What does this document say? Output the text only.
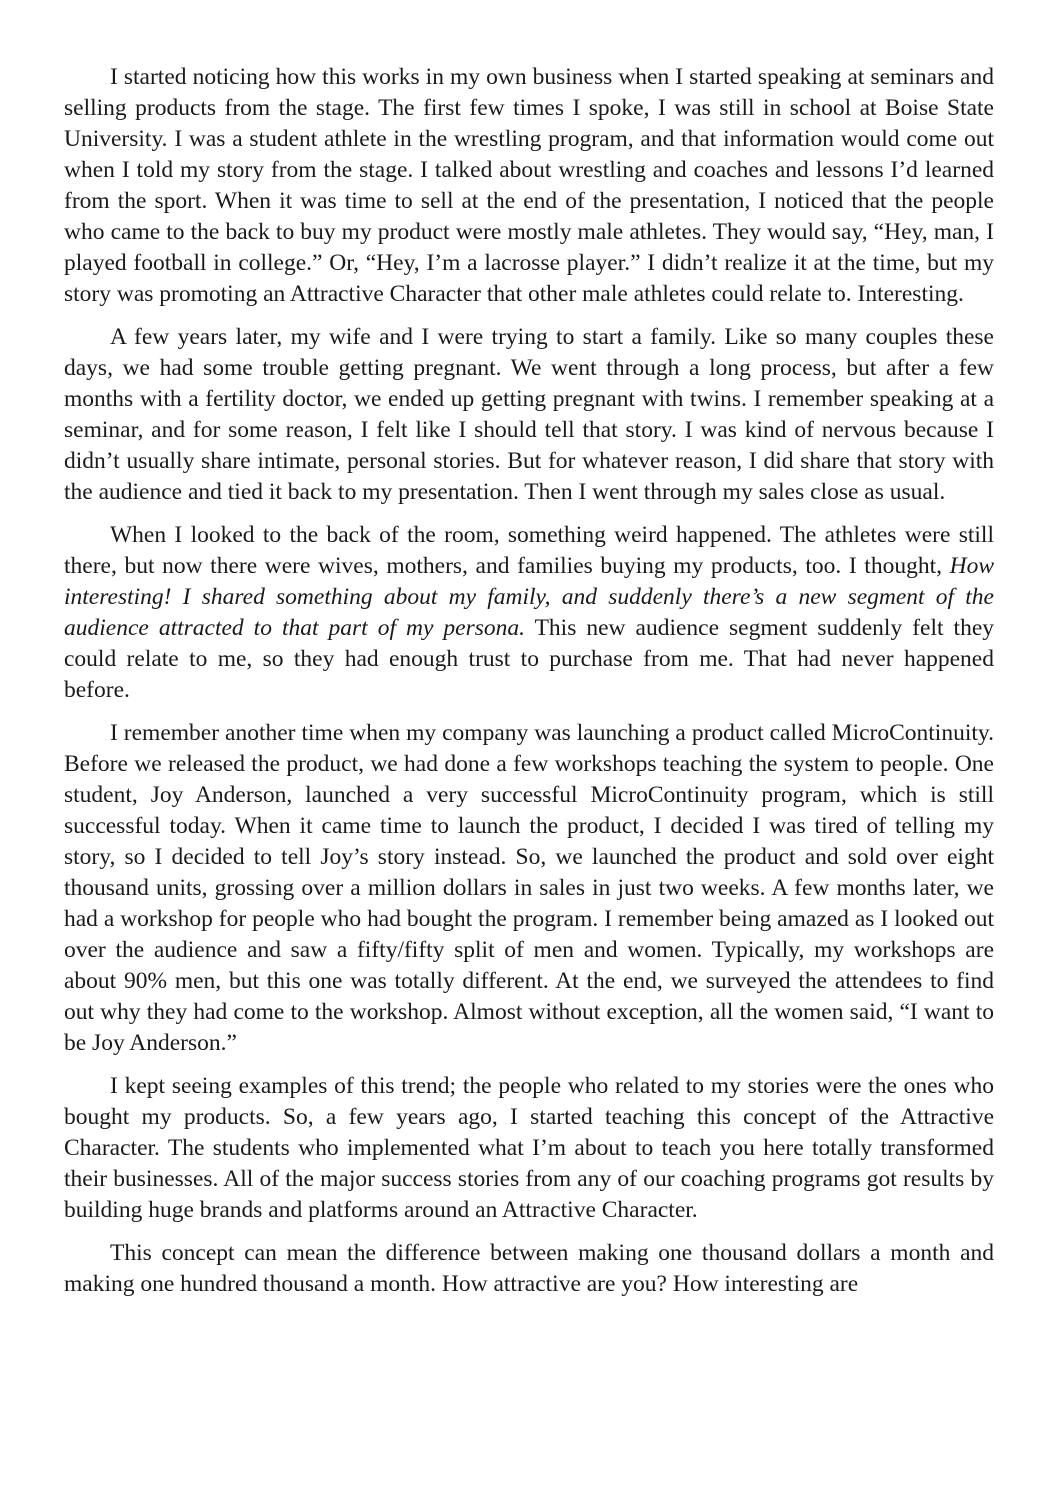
I started noticing how this works in my own business when I started speaking at seminars and selling products from the stage. The first few times I spoke, I was still in school at Boise State University. I was a student athlete in the wrestling program, and that information would come out when I told my story from the stage. I talked about wrestling and coaches and lessons I’d learned from the sport. When it was time to sell at the end of the presentation, I noticed that the people who came to the back to buy my product were mostly male athletes. They would say, “Hey, man, I played football in college.” Or, “Hey, I’m a lacrosse player.” I didn’t realize it at the time, but my story was promoting an Attractive Character that other male athletes could relate to. Interesting.

A few years later, my wife and I were trying to start a family. Like so many couples these days, we had some trouble getting pregnant. We went through a long process, but after a few months with a fertility doctor, we ended up getting pregnant with twins. I remember speaking at a seminar, and for some reason, I felt like I should tell that story. I was kind of nervous because I didn’t usually share intimate, personal stories. But for whatever reason, I did share that story with the audience and tied it back to my presentation. Then I went through my sales close as usual.

When I looked to the back of the room, something weird happened. The athletes were still there, but now there were wives, mothers, and families buying my products, too. I thought, How interesting! I shared something about my family, and suddenly there’s a new segment of the audience attracted to that part of my persona. This new audience segment suddenly felt they could relate to me, so they had enough trust to purchase from me. That had never happened before.

I remember another time when my company was launching a product called MicroContinuity. Before we released the product, we had done a few workshops teaching the system to people. One student, Joy Anderson, launched a very successful MicroContinuity program, which is still successful today. When it came time to launch the product, I decided I was tired of telling my story, so I decided to tell Joy’s story instead. So, we launched the product and sold over eight thousand units, grossing over a million dollars in sales in just two weeks. A few months later, we had a workshop for people who had bought the program. I remember being amazed as I looked out over the audience and saw a fifty/fifty split of men and women. Typically, my workshops are about 90% men, but this one was totally different. At the end, we surveyed the attendees to find out why they had come to the workshop. Almost without exception, all the women said, “I want to be Joy Anderson.”

I kept seeing examples of this trend; the people who related to my stories were the ones who bought my products. So, a few years ago, I started teaching this concept of the Attractive Character. The students who implemented what I’m about to teach you here totally transformed their businesses. All of the major success stories from any of our coaching programs got results by building huge brands and platforms around an Attractive Character.

This concept can mean the difference between making one thousand dollars a month and making one hundred thousand a month. How attractive are you? How interesting are
